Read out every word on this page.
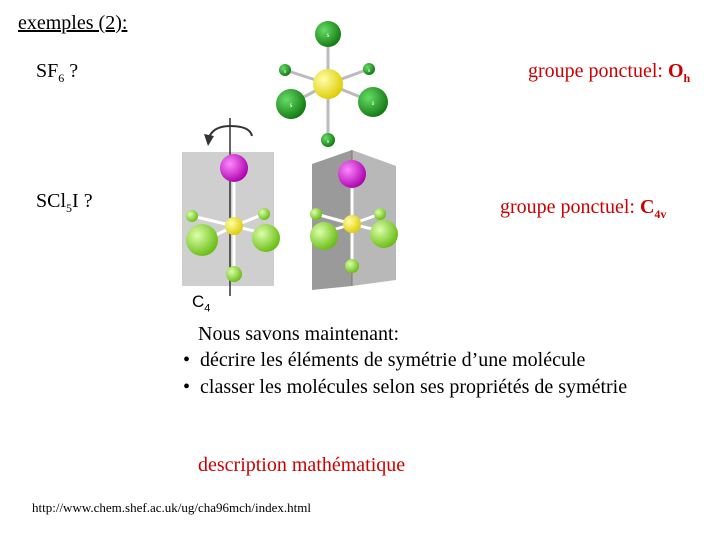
exemples (2):
$SF_6$ ?	groupe ponctuel: $O_h$
SCl$_5$I ?	groupe ponctuel: $C_{4v}$
s
s	s
s	s
s
$C_4$
Nous savons maintenant:
• décrire les éléments de symétrie d’une molécule
• classer les molécules selon ses propriétés de symétrie
description mathématique
http://www.chem.shef.ac.uk/ug/cha96mch/index.html
